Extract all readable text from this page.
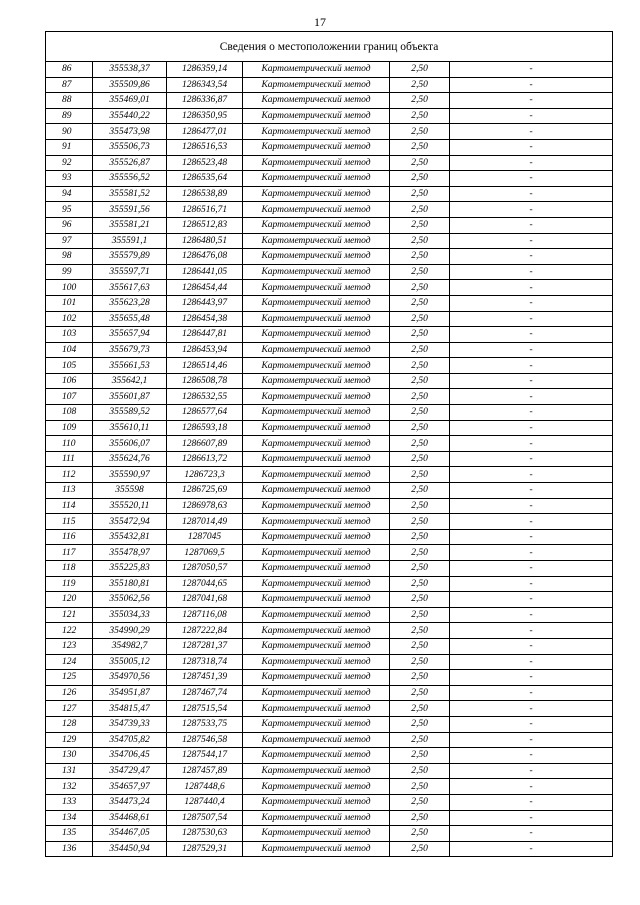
17
Сведения о местоположении границ объекта					
86	355538,37	1286359,14	Картометрический метод	2,50	-
87	355509,86	1286343,54	Картометрический метод	2,50	-
88	355469,01	1286336,87	Картометрический метод	2,50	-
89	355440,22	1286350,95	Картометрический метод	2,50	-
90	355473,98	1286477,01	Картометрический метод	2,50	-
91	355506,73	1286516,53	Картометрический метод	2,50	-
92	355526,87	1286523,48	Картометрический метод	2,50	-
93	355556,52	1286535,64	Картометрический метод	2,50	-
94	355581,52	1286538,89	Картометрический метод	2,50	-
95	355591,56	1286516,71	Картометрический метод	2,50	-
96	355581,21	1286512,83	Картометрический метод	2,50	-
97	355591,1	1286480,51	Картометрический метод	2,50	-
98	355579,89	1286476,08	Картометрический метод	2,50	-
99	355597,71	1286441,05	Картометрический метод	2,50	-
100	355617,63	1286454,44	Картометрический метод	2,50	-
101	355623,28	1286443,97	Картометрический метод	2,50	-
102	355655,48	1286454,38	Картометрический метод	2,50	-
103	355657,94	1286447,81	Картометрический метод	2,50	-
104	355679,73	1286453,94	Картометрический метод	2,50	-
105	355661,53	1286514,46	Картометрический метод	2,50	-
106	355642,1	1286508,78	Картометрический метод	2,50	-
107	355601,87	1286532,55	Картометрический метод	2,50	-
108	355589,52	1286577,64	Картометрический метод	2,50	-
109	355610,11	1286593,18	Картометрический метод	2,50	-
110	355606,07	1286607,89	Картометрический метод	2,50	-
111	355624,76	1286613,72	Картометрический метод	2,50	-
112	355590,97	1286723,3	Картометрический метод	2,50	-
113	355598	1286725,69	Картометрический метод	2,50	-
114	355520,11	1286978,63	Картометрический метод	2,50	-
115	355472,94	1287014,49	Картометрический метод	2,50	-
116	355432,81	1287045	Картометрический метод	2,50	-
117	355478,97	1287069,5	Картометрический метод	2,50	-
118	355225,83	1287050,57	Картометрический метод	2,50	-
119	355180,81	1287044,65	Картометрический метод	2,50	-
120	355062,56	1287041,68	Картометрический метод	2,50	-
121	355034,33	1287116,08	Картометрический метод	2,50	-
122	354990,29	1287222,84	Картометрический метод	2,50	-
123	354982,7	1287281,37	Картометрический метод	2,50	-
124	355005,12	1287318,74	Картометрический метод	2,50	-
125	354970,56	1287451,39	Картометрический метод	2,50	-
126	354951,87	1287467,74	Картометрический метод	2,50	-
127	354815,47	1287515,54	Картометрический метод	2,50	-
128	354739,33	1287533,75	Картометрический метод	2,50	-
129	354705,82	1287546,58	Картометрический метод	2,50	-
130	354706,45	1287544,17	Картометрический метод	2,50	-
131	354729,47	1287457,89	Картометрический метод	2,50	-
132	354657,97	1287448,6	Картометрический метод	2,50	-
133	354473,24	1287440,4	Картометрический метод	2,50	-
134	354468,61	1287507,54	Картометрический метод	2,50	-
135	354467,05	1287530,63	Картометрический метод	2,50	-
136	354450,94	1287529,31	Картометрический метод	2,50	-
